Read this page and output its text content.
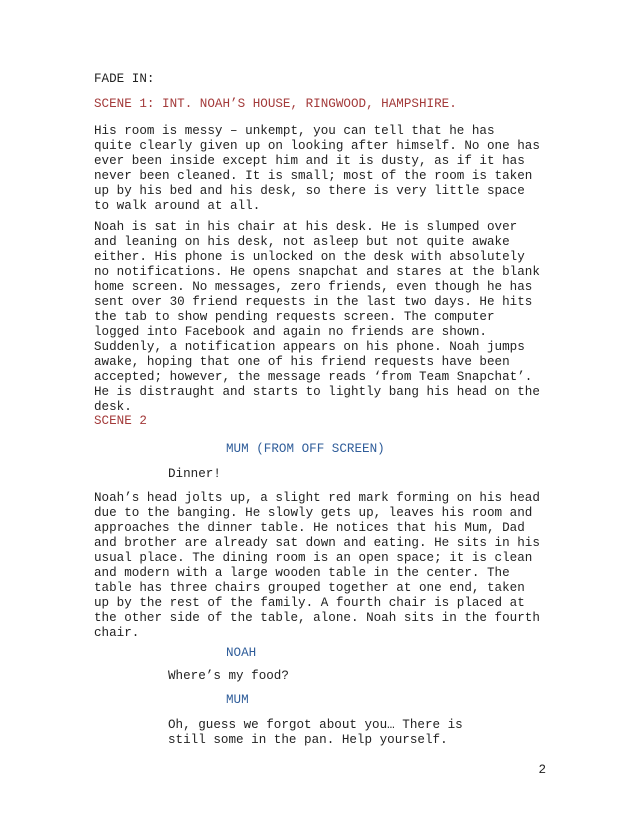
FADE IN:
SCENE 1: INT. NOAH’S HOUSE, RINGWOOD, HAMPSHIRE.
His room is messy – unkempt, you can tell that he has
quite clearly given up on looking after himself. No one has
ever been inside except him and it is dusty, as if it has
never been cleaned. It is small; most of the room is taken
up by his bed and his desk, so there is very little space
to walk around at all.
Noah is sat in his chair at his desk. He is slumped over
and leaning on his desk, not asleep but not quite awake
either. His phone is unlocked on the desk with absolutely
no notifications. He opens snapchat and stares at the blank
home screen. No messages, zero friends, even though he has
sent over 30 friend requests in the last two days. He hits
the tab to show pending requests screen. The computer
logged into Facebook and again no friends are shown.
Suddenly, a notification appears on his phone. Noah jumps
awake, hoping that one of his friend requests have been
accepted; however, the message reads ‘from Team Snapchat’.
He is distraught and starts to lightly bang his head on the
desk.
SCENE 2
MUM (FROM OFF SCREEN)
Dinner!
Noah’s head jolts up, a slight red mark forming on his head
due to the banging. He slowly gets up, leaves his room and
approaches the dinner table. He notices that his Mum, Dad
and brother are already sat down and eating. He sits in his
usual place. The dining room is an open space; it is clean
and modern with a large wooden table in the center. The
table has three chairs grouped together at one end, taken
up by the rest of the family. A fourth chair is placed at
the other side of the table, alone. Noah sits in the fourth
chair.
NOAH
Where’s my food?
MUM
Oh, guess we forgot about you… There is
still some in the pan. Help yourself.
2
